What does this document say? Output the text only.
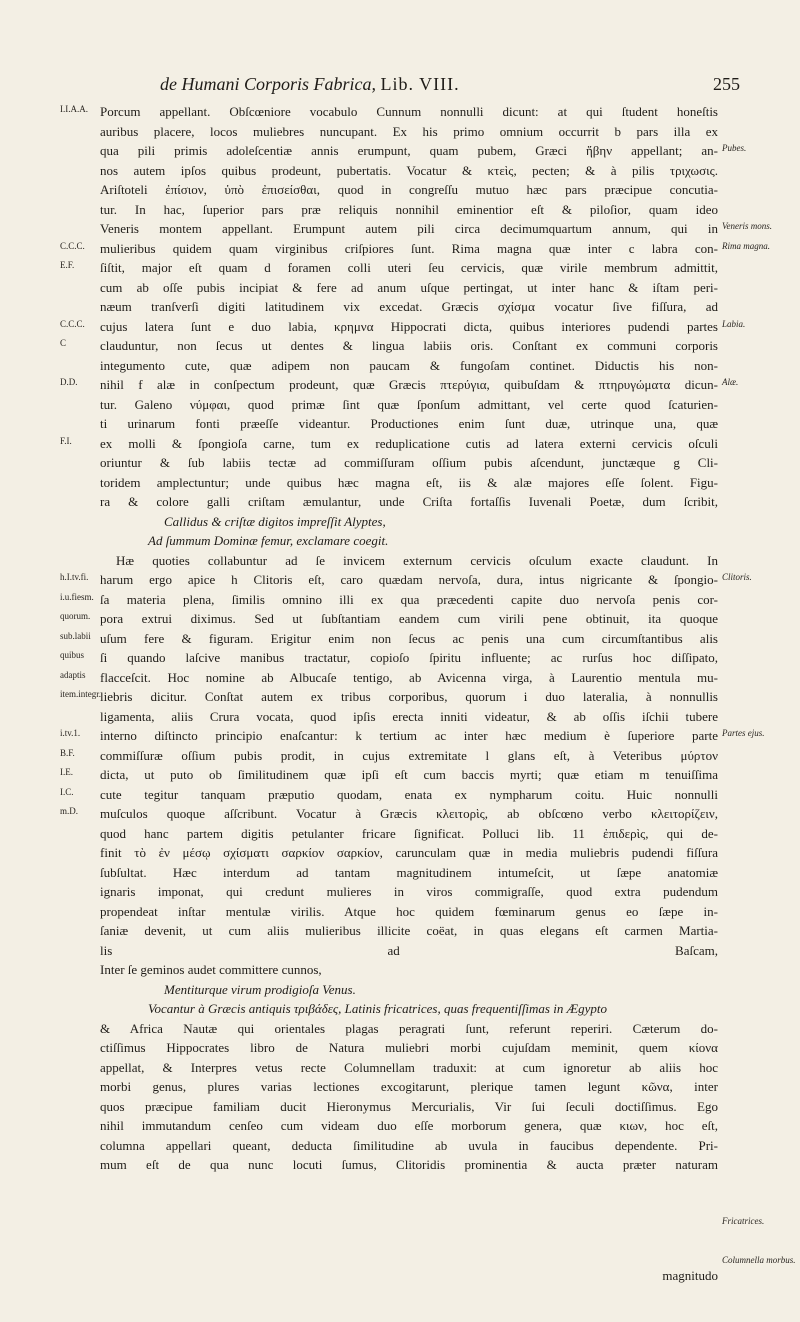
de Humani Corporis Fabrica, Lib. VIII.	255
I.I.A.A.
C.C.C.
E.F.
C.C.C.
C
D.D.
F.I.
h.I.tv.fi.
i.u.fiesm.
quorum.
sub.labii
quibus
adaptis
item.integr.
i.tv.1.
B.F.
I.E.
I.C.
m.D.
Porcum appellant. Obſcœniore vocabulo Cunnum nonnulli dicunt: at qui ſtudent honeſtis
auribus placere, locos muliebres nuncupant. Ex his primo omnium occurrit b pars illa ex
qua pili primis adoleſcentiæ annis erumpunt, quam pubem, Græci ἥβην appellant; an-
nos autem ipſos quibus prodeunt, pubertatis. Vocatur & κτεὶς, pecten; & à pilis τριχωσις.
Ariſtoteli ἐπίσιον, ὑπὸ ἐπισείσθαι, quod in congreſſu mutuo hæc pars præcipue concutia-
tur. In hac, ſuperior pars præ reliquis nonnihil eminentior eſt & piloſior, quam ideo
Veneris montem appellant. Erumpunt autem pili circa decimumquartum annum, qui in
mulieribus quidem quam virginibus criſpiores ſunt. Rima magna quæ inter c labra con-
ſiſtit, major eſt quam d foramen colli uteri ſeu cervicis, quæ virile membrum admittit,
cum ab oſſe pubis incipiat & fere ad anum uſque pertingat, ut inter hanc & iſtam peri-
næum tranſverſi digiti latitudinem vix excedat. Græcis σχίσμα vocatur ſive fiſſura, ad
cujus latera ſunt e duo labia, κρημνα Hippocrati dicta, quibus interiores pudendi partes
clauduntur, non ſecus ut dentes & lingua labiis oris. Conſtant ex communi corporis
integumento cute, quæ adipem non paucam & fungoſam continet. Diductis his non-
nihil f alæ in conſpectum prodeunt, quæ Græcis πτερύγια, quibuſdam & πτηρυγώματα dicun-
tur. Galeno νύμφαι, quod primæ ſint quæ ſponſum admittant, vel certe quod ſcaturien-
ti urinarum fonti præeſſe videantur. Productiones enim ſunt duæ, utrinque una, quæ
ex molli & ſpongioſa carne, tum ex reduplicatione cutis ad latera externi cervicis oſculi
oriuntur & ſub labiis tectæ ad commiſſuram oſſium pubis aſcendunt, junctæque g Cli-
toridem amplectuntur; unde quibus hæc magna eſt, iis & alæ majores eſſe ſolent. Figu-
ra & colore galli criſtam æmulantur, unde Criſta fortaſſis Iuvenali Poetæ, dum ſcribit,
Callidus & criſtæ digitos impreſſit Alyptes,
Ad ſummum Dominæ femur, exclamare coegit.
Hæ quoties collabuntur ad ſe invicem externum cervicis oſculum exacte claudunt. In
harum ergo apice h Clitoris eſt, caro quædam nervoſa, dura, intus nigricante & ſpongio-
ſa materia plena, ſimilis omnino illi ex qua præcedenti capite duo nervoſa penis cor-
pora extrui diximus. Sed ut ſubſtantiam eandem cum virili pene obtinuit, ita quoque
uſum fere & figuram. Erigitur enim non ſecus ac penis una cum circumſtantibus alis
ſi quando laſcive manibus tractatur, copioſo ſpiritu influente; ac rurſus hoc diſſipato,
flacceſcit. Hoc nomine ab Albucaſe tentigo, ab Avicenna virga, à Laurentio mentula mu-
liebris dicitur. Conſtat autem ex tribus corporibus, quorum i duo lateralia, à nonnullis
ligamenta, aliis Crura vocata, quod ipſis erecta inniti videatur, & ab oſſis iſchii tubere
interno diſtincto principio enaſcantur: k tertium ac inter hæc medium è ſuperiore parte
commiſſuræ oſſium pubis prodit, in cujus extremitate l glans eſt, à Veteribus μύρτον
dicta, ut puto ob ſimilitudinem quæ ipſi eſt cum baccis myrti; quæ etiam m tenuiſſima
cute tegitur tanquam præputio quodam, enata ex nympharum coitu. Huic nonnulli
muſculos quoque aſſcribunt. Vocatur à Græcis κλειτορὶς, ab obſcœno verbo κλειτορίζειν,
quod hanc partem digitis petulanter fricare ſignificat. Polluci lib. 11 ἐπιδερὶς, qui de-
finit τὸ ἐν μέσῳ σχίσματι σαρκίον σαρκίον, carunculam quæ in media muliebris pudendi fiſſura
ſubſultat. Hæc interdum ad tantam magnitudinem intumeſcit, ut ſæpe anatomiæ
ignaris imponat, qui credunt mulieres in viros commigraſſe, quod extra pudendum
propendeat inſtar mentulæ virilis. Atque hoc quidem fœminarum genus eo ſæpe in-
ſaniæ devenit, ut cum aliis mulieribus illicite coëat, in quas elegans eſt carmen Martia-
lis ad Baſcam,
Inter ſe geminos audet committere cunnos,
Mentiturque virum prodigioſa Venus.
Vocantur à Græcis antiquis τριβάδες, Latinis fricatrices, quas frequentiſſimas in Ægypto
& Africa Nautæ qui orientales plagas peragrati ſunt, referunt reperiri. Cæterum do-
ctiſſimus Hippocrates libro de Natura muliebri morbi cujuſdam meminit, quem κίονα
appellat, & Interpres vetus recte Columnellam traduxit: at cum ignoretur ab aliis hoc
morbi genus, plures varias lectiones excogitarunt, plerique tamen legunt κῶνα, inter
quos præcipue familiam ducit Hieronymus Mercurialis, Vir ſui ſeculi doctiſſimus. Ego
nihil immutandum cenſeo cum videam duo eſſe morborum genera, quæ κιων, hoc eſt,
columna appellari queant, deducta ſimilitudine ab uvula in faucibus dependente. Pri-
mum eſt de qua nunc locuti ſumus, Clitoridis prominentia & aucta præter naturam
Pubes.
Veneris mons.
Rima magna.
Labia.
Alæ.
Clitoris.
Partes ejus.
Fricatrices.
Columnella morbus.
magnitudo
